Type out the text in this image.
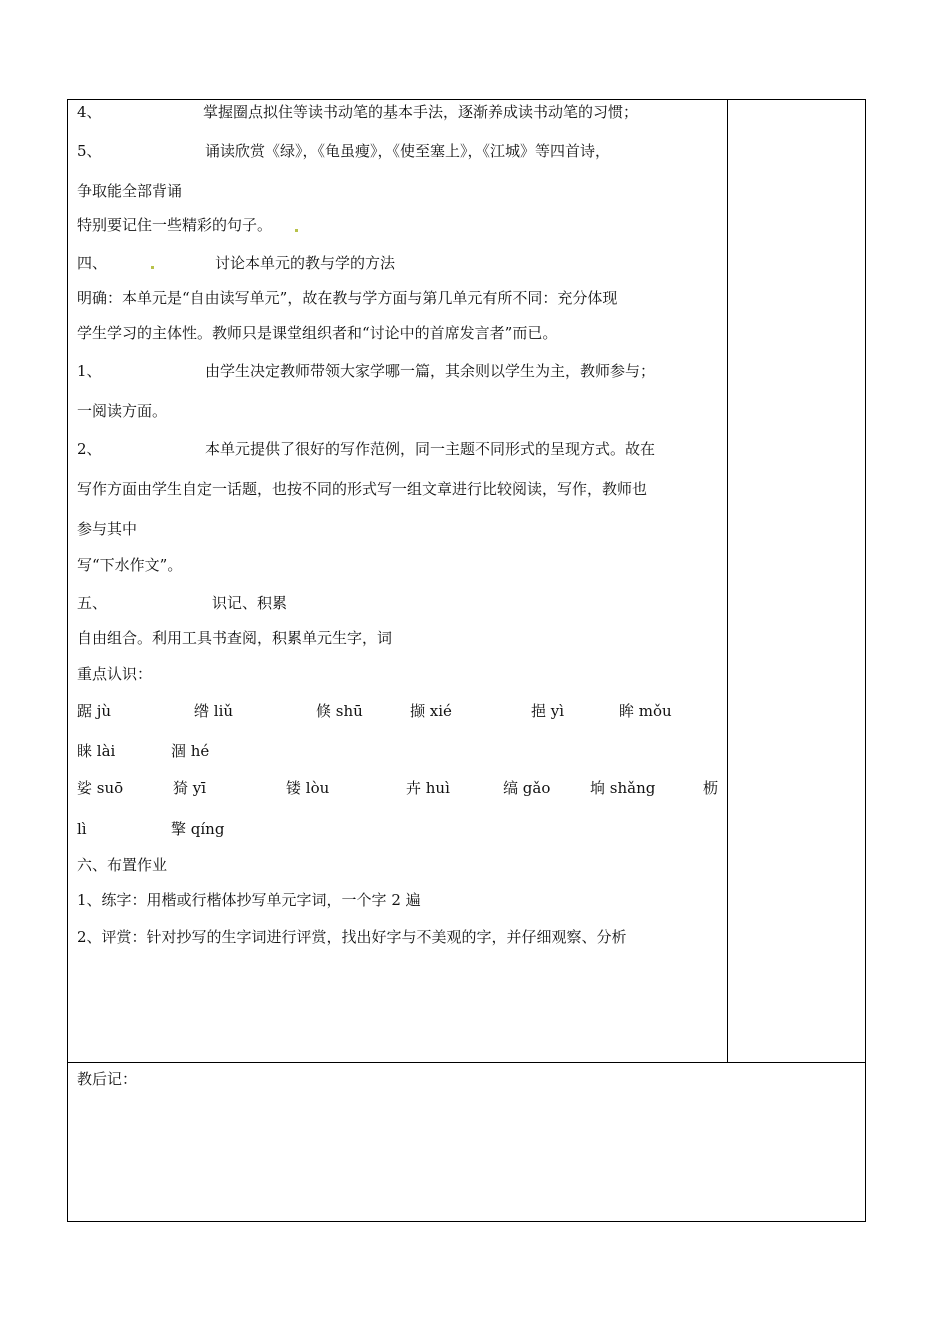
4、	掌握圈点拟住等读书动笔的基本手法，逐渐养成读书动笔的习惯；
5、	诵读欣赏《绿》，《龟虽瘦》，《使至塞上》，《江城》等四首诗，
争取能全部背诵
特别要记住一些精彩的句子。
四、	讨论本单元的教与学的方法
明确：本单元是“自由读写单元”，故在教与学方面与第几单元有所不同：充分体现
学生学习的主体性。教师只是课堂组织者和“讨论中的首席发言者”而已。
1、	由学生决定教师带领大家学哪一篇，其余则以学生为主，教师参与；
一阅读方面。
2、	本单元提供了很好的写作范例，同一主题不同形式的呈现方式。故在
写作方面由学生自定一话题，也按不同的形式写一组文章进行比较阅读，写作，教师也
参与其中
写“下水作文”。
五、	识记、积累
自由组合。利用工具书查阅，积累单元生字，词
重点认识：
踞 jù	绺 liǔ	倏 shū	撷 xié	挹 yì	眸 mǒu
睐 lài	涸 hé
娑 suō	猗 yī	镂 lòu	卉 huì	缟 gǎo	垧 shǎng	枥
lì	擎 qíng
六、布置作业
1、练字：用楷或行楷体抄写单元字词，一个字 2 遍
2、评赏：针对抄写的生字词进行评赏，找出好字与不美观的字，并仔细观察、分析
教后记：
